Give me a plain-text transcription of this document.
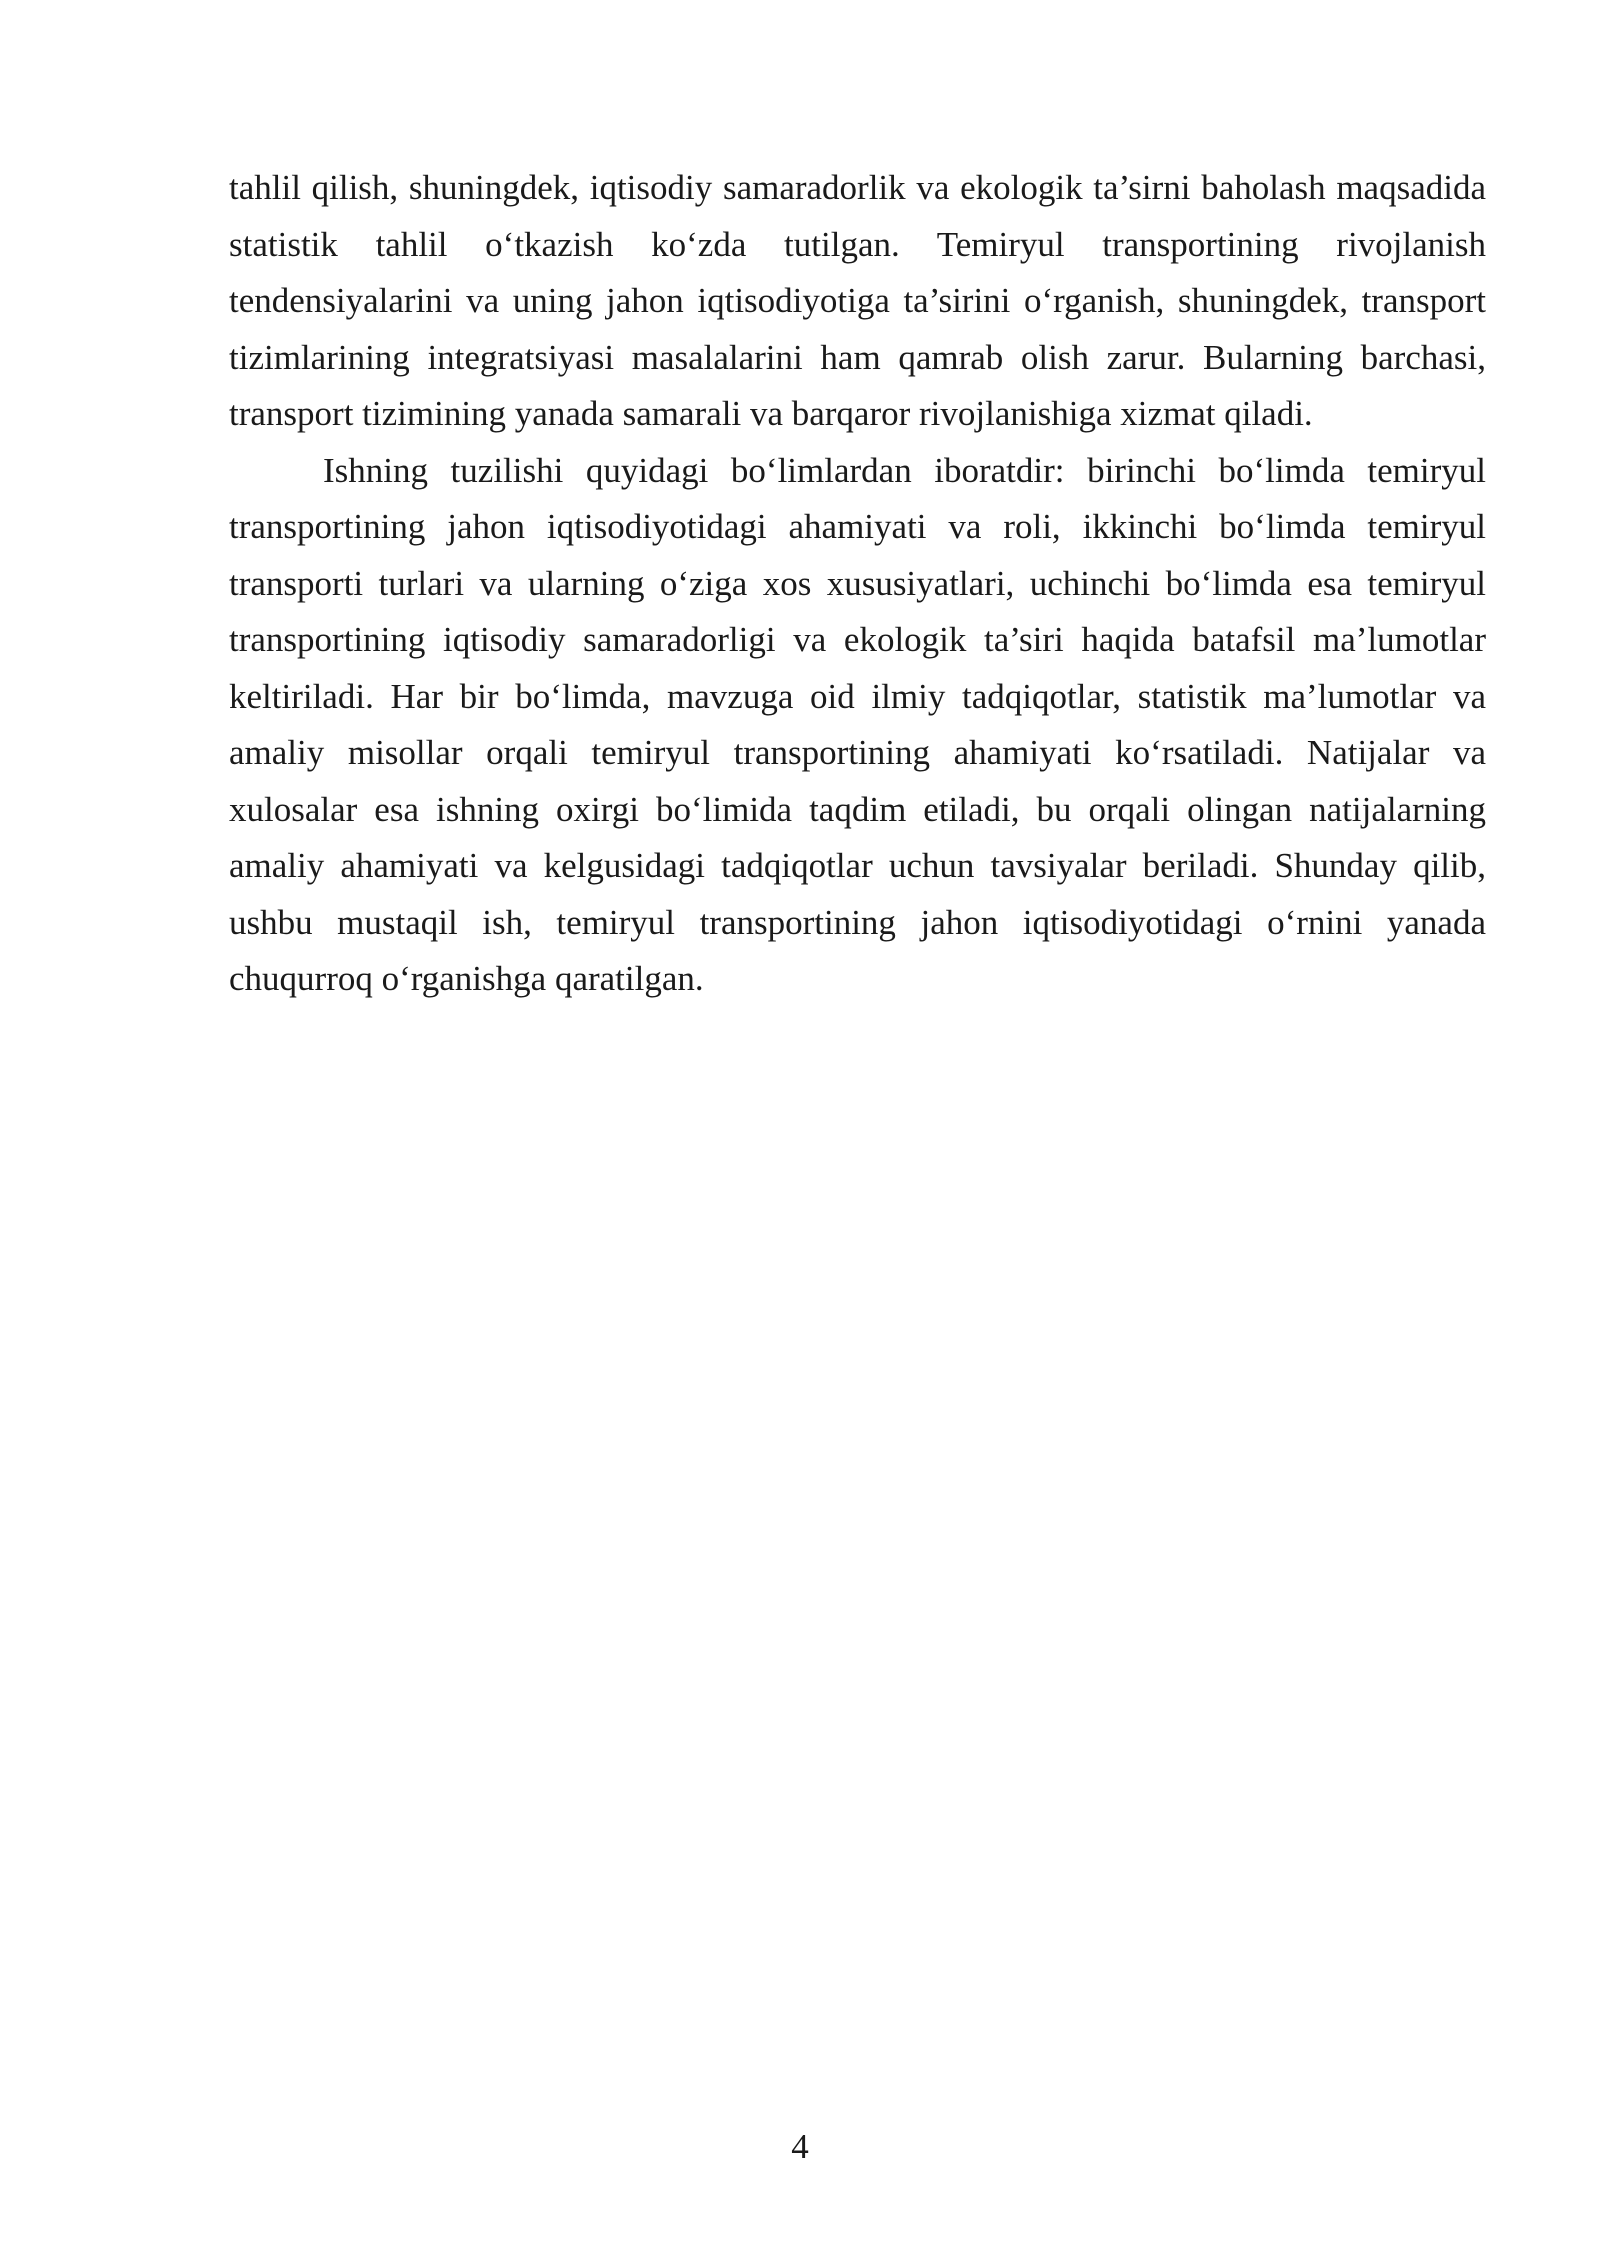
tahlil qilish, shuningdek, iqtisodiy samaradorlik va ekologik ta’sirni baholash maqsadida statistik tahlil o‘tkazish ko‘zda tutilgan. Temiryul transportining rivojlanish tendensiyalarini va uning jahon iqtisodiyotiga ta’sirini o‘rganish, shuningdek, transport tizimlarining integratsiyasi masalalarini ham qamrab olish zarur. Bularning barchasi, transport tizimining yanada samarali va barqaror rivojlanishiga xizmat qiladi.

Ishning tuzilishi quyidagi bo‘limlardan iboratdir: birinchi bo‘limda temiryul transportining jahon iqtisodiyotidagi ahamiyati va roli, ikkinchi bo‘limda temiryul transporti turlari va ularning o‘ziga xos xususiyatlari, uchinchi bo‘limda esa temiryul transportining iqtisodiy samaradorligi va ekologik ta’siri haqida batafsil ma’lumotlar keltiriladi. Har bir bo‘limda, mavzuga oid ilmiy tadqiqotlar, statistik ma’lumotlar va amaliy misollar orqali temiryul transportining ahamiyati ko‘rsatiladi. Natijalar va xulosalar esa ishning oxirgi bo‘limida taqdim etiladi, bu orqali olingan natijalarning amaliy ahamiyati va kelgusidagi tadqiqotlar uchun tavsiyalar beriladi. Shunday qilib, ushbu mustaqil ish, temiryul transportining jahon iqtisodiyotidagi o‘rnini yanada chuqurroq o‘rganishga qaratilgan.

4
